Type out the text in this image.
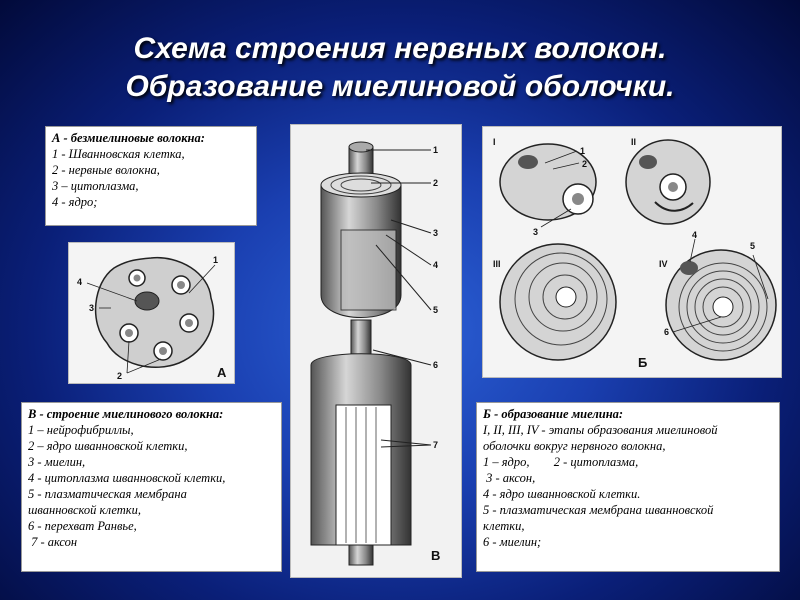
Схема строения нервных волокон.
Образование миелиновой оболочки.
А - безмиелиновые волокна:
1 - Шванновская клетка,
2 - нервные волокна,
3 – цитоплазма,
4 - ядро;
1
2
3
4
А
В - строение миелинового волокна:
1 – нейрофибриллы,
2 – ядро шванновской клетки,
3 - миелин,
4 - цитоплазма шванновской клетки,
5 - плазматическая мембрана
шванновской клетки,
6 - перехват Ранвье,
7 - аксон
1
2
3
4
5
6
7
В
I	II
III	IV
1
2
3	4
5
6
Б
Б - образование миелина:
I, II, III, IV - этапы образования миелиновой
оболочки вокруг нервного волокна,
1 – ядро, 2 - цитоплазма,
3 - аксон,
4 - ядро шванновской клетки.
5 - плазматическая мембрана шванновской
клетки,
6 - миелин;
